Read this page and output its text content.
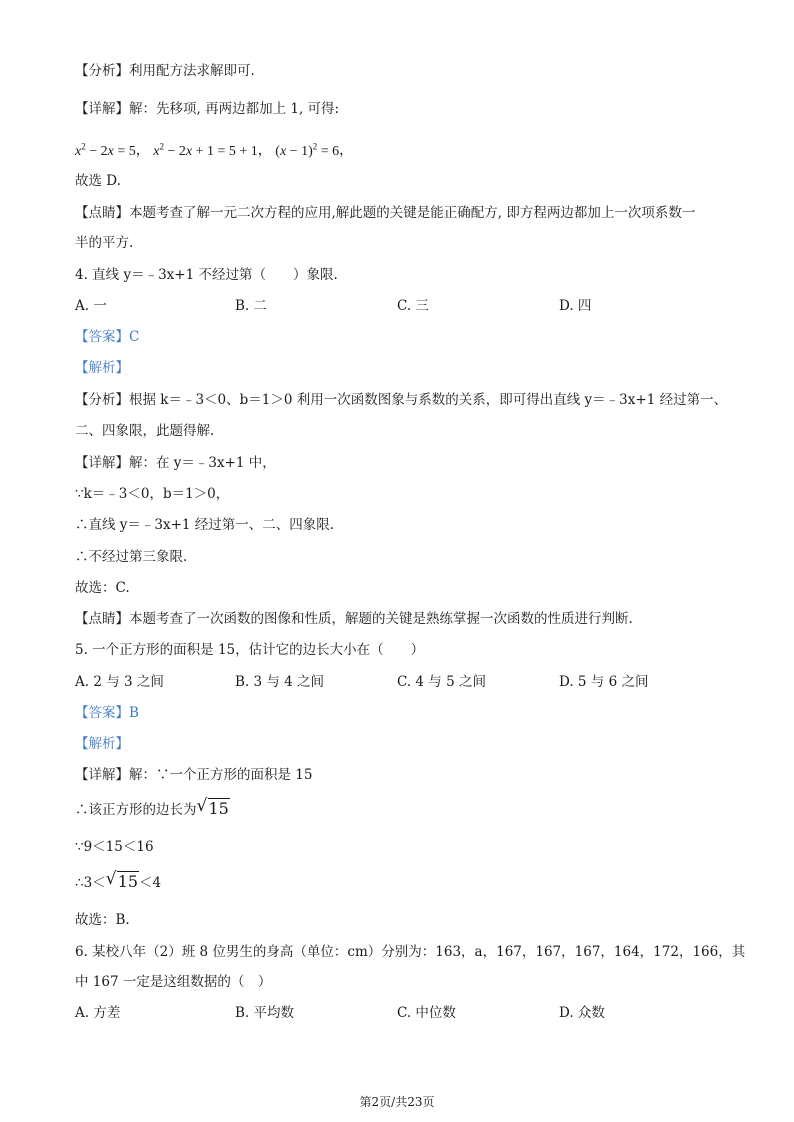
【分析】利用配方法求解即可.
【详解】解：先移项, 再两边都加上 1, 可得:
$x^2 - 2x = 5$， $x^2 - 2x + 1 = 5 + 1$， $(x - 1)^2 = 6$，
故选 D.
【点睛】本题考查了解一元二次方程的应用,解此题的关键是能正确配方, 即方程两边都加上一次项系数一
半的平方.
4. 直线 y＝﹣3x+1 不经过第（　　）象限.
A. 一	B. 二	C. 三	D. 四
【答案】C
【解析】
【分析】根据 k＝﹣3＜0、b＝1＞0 利用一次函数图象与系数的关系，即可得出直线 y＝﹣3x+1 经过第一、
二、四象限，此题得解.
【详解】解：在 y＝﹣3x+1 中，
∵k＝﹣3＜0，b＝1＞0，
∴直线 y＝﹣3x+1 经过第一、二、四象限.
∴不经过第三象限.
故选：C.
【点睛】本题考查了一次函数的图像和性质，解题的关键是熟练掌握一次函数的性质进行判断.
5. 一个正方形的面积是 15，估计它的边长大小在（　　）
A. 2 与 3 之间	B. 3 与 4 之间	C. 4 与 5 之间	D. 5 与 6 之间
【答案】B
【解析】
【详解】解：∵一个正方形的面积是 15
∴该正方形的边长为 √ 15
∵9＜15＜16
∴3＜ √ 15＜4
故选：B.
6. 某校八年（2）班 8 位男生的身高（单位：cm）分别为：163，a，167，167，167，164，172，166，其
中 167 一定是这组数据的（　）
A. 方差	B. 平均数	C. 中位数	D. 众数
第2页/共23页
